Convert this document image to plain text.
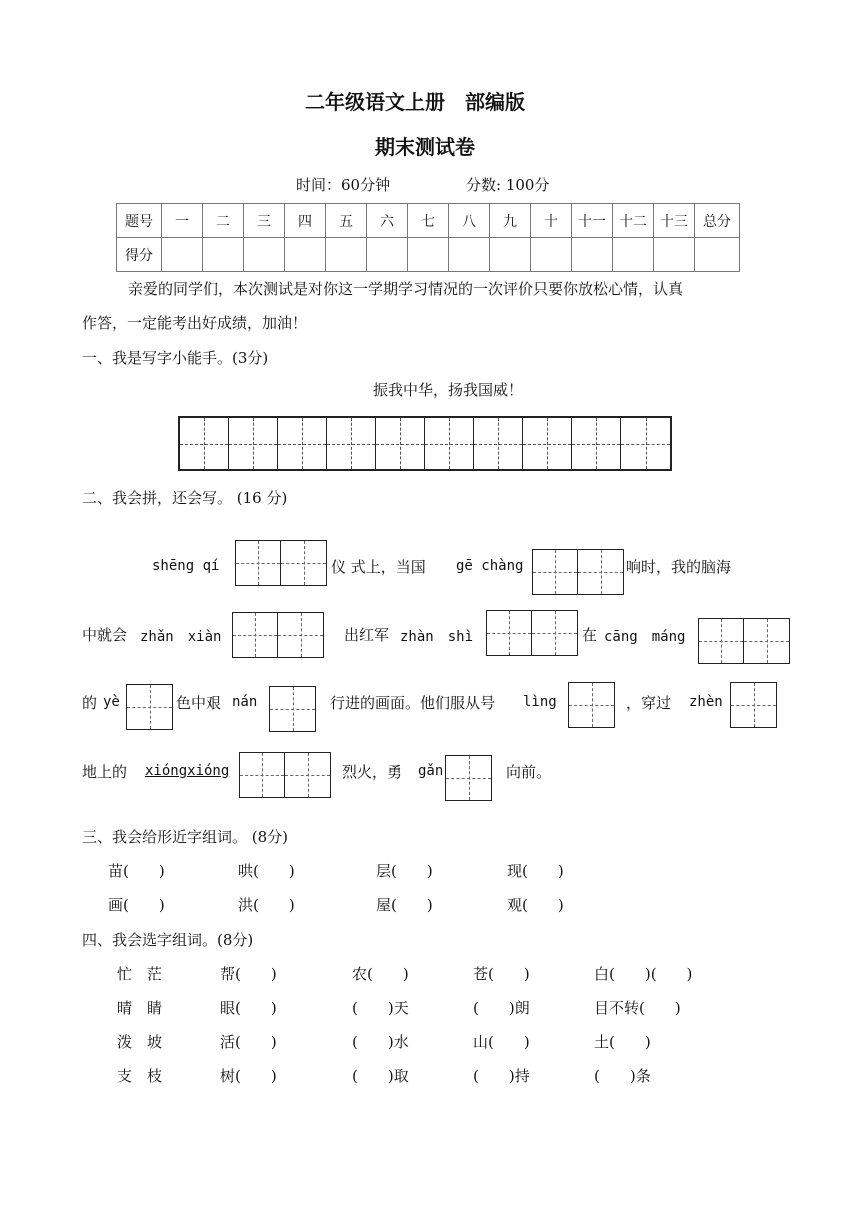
二年级语文上册　部编版
期末测试卷
时间：60分钟	分数: 100分
题号	一	二	三	四	五	六	七	八	九	十	十一	十二	十三	总分
得分														
亲爱的同学们，本次测试是对你这一学期学习情况的一次评价只要你放松心情，认真
作答，一定能考出好成绩，加油！
一、我是写字小能手。(3分)
振我中华，扬我国威！
二、我会拼，还会写。 (16 分)
shēng qí	仪 式上，当国 gē chàng	响时，我的脑海
中就会 zhǎn　xiàn	出红军 zhàn　shì	在 cāng　máng
的 yè	色中艰 nán	行进的画面。他们服从号 lìng	，穿过 zhèn
地上的 xióngxióng	烈火，勇 gǎn	向前。
三、我会给形近字组词。 (8分)
苗(　　)	哄(　　)	层(　　)	现(　　)
画(　　)	洪(　　)	屋(　　)	观(　　)
四、我会选字组词。(8分)
忙　茫	帮(　　)	农(　　)	苍(　　)	白(　　)(　　)
晴　睛	眼(　　)	(　　)天	(　　)朗	目不转(　　)
泼　坡	活(　　)	(　　)水	山(　　)	土(　　)
支　枝	树(　　)	(　　)取	(　　)持	(　　)条
